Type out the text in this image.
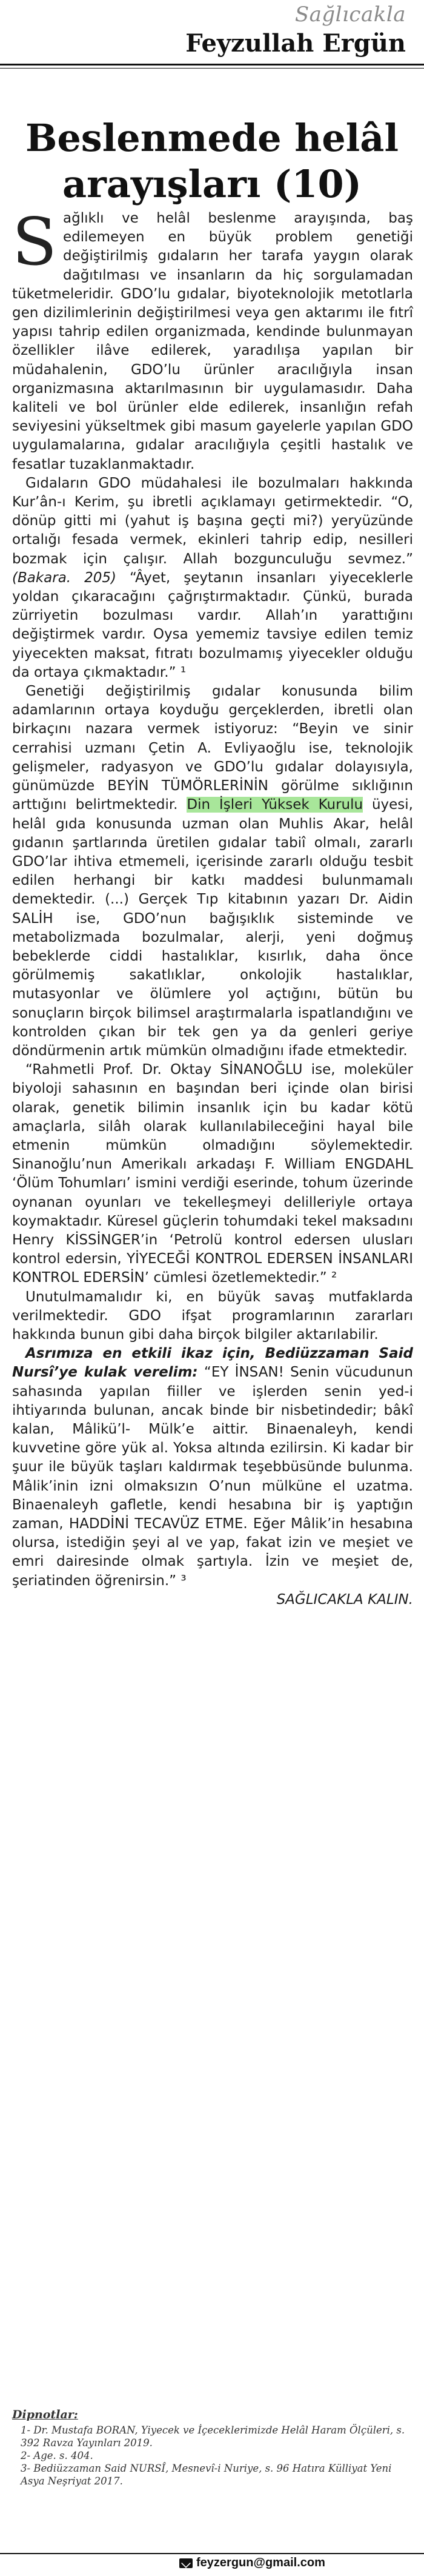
Sağlıcakla
Feyzullah Ergün
Beslenmede helâl
arayışları (10)

Sağlıklı ve helâl beslenme arayışında, baş edilemeyen en büyük problem genetiği değiştirilmiş gıdaların her tarafa yaygın olarak dağıtılması ve insanların da hiç sorgulamadan tüketmeleridir. GDO’lu gıdalar, biyoteknolojik metotlarla gen dizilimlerinin değiştirilmesi veya gen aktarımı ile fıtrî yapısı tahrip edilen organizmada, kendinde bulunmayan özellikler ilâve edilerek, yaradılışa yapılan bir müdahalenin, GDO’lu ürünler aracılığıyla insan organizmasına aktarılmasının bir uygulamasıdır. Daha kaliteli ve bol ürünler elde edilerek, insanlığın refah seviyesini yükseltmek gibi masum gayelerle yapılan GDO uygulamalarına, gıdalar aracılığıyla çeşitli hastalık ve fesatlar tuzaklanmaktadır.

Gıdaların GDO müdahalesi ile bozulmaları hakkında Kur’ân-ı Kerim, şu ibretli açıklamayı getirmektedir. “O, dönüp gitti mi (yahut iş başına geçti mi?) yeryüzünde ortalığı fesada vermek, ekinleri tahrip edip, nesilleri bozmak için çalışır. Allah bozgunculuğu sevmez.” (Bakara. 205) “Âyet, şeytanın insanları yiyeceklerle yoldan çıkaracağını çağrıştırmaktadır. Çünkü, burada zürriyetin bozulması vardır. Allah’ın yarattığını değiştirmek vardır. Oysa yememiz tavsiye edilen temiz yiyecekten maksat, fıtratı bozulmamış yiyecekler olduğu da ortaya çıkmaktadır.” ¹

Genetiği değiştirilmiş gıdalar konusunda bilim adamlarının ortaya koyduğu gerçeklerden, ibretli olan birkaçını nazara vermek istiyoruz: “Beyin ve sinir cerrahisi uzmanı Çetin A. Evliyaoğlu ise, teknolojik gelişmeler, radyasyon ve GDO’lu gıdalar dolayısıyla, günümüzde BEYİN TÜMÖRLERİNİN görülme sıklığının arttığını belirtmektedir. Din İşleri Yüksek Kurulu üyesi, helâl gıda konusunda uzman olan Muhlis Akar, helâl gıdanın şartlarında üretilen gıdalar tabiî olmalı, zararlı GDO’lar ihtiva etmemeli, içerisinde zararlı olduğu tesbit edilen herhangi bir katkı maddesi bulunmamalı demektedir. (...) Gerçek Tıp kitabının yazarı Dr. Aidin SALİH ise, GDO’nun bağışıklık sisteminde ve metabolizmada bozulmalar, alerji, yeni doğmuş bebeklerde ciddi hastalıklar, kısırlık, daha önce görülmemiş sakatlıklar, onkolojik hastalıklar, mutasyonlar ve ölümlere yol açtığını, bütün bu sonuçların birçok bilimsel araştırmalarla ispatlandığını ve kontrolden çıkan bir tek gen ya da genleri geriye döndürmenin artık mümkün olmadığını ifade etmektedir.

“Rahmetli Prof. Dr. Oktay SİNANOĞLU ise, moleküler biyoloji sahasının en başından beri içinde olan birisi olarak, genetik bilimin insanlık için bu kadar kötü amaçlarla, silâh olarak kullanılabileceğini hayal bile etmenin mümkün olmadığını söylemektedir. Sinanoğlu’nun Amerikalı arkadaşı F. William ENGDAHL ‘Ölüm Tohumları’ ismini verdiği eserinde, tohum üzerinde oynanan oyunları ve tekelleşmeyi delilleriyle ortaya koymaktadır. Küresel güçlerin tohumdaki tekel maksadını Henry KİSSİNGER’in ‘Petrolü kontrol edersen ulusları kontrol edersin, YİYECEĞİ KONTROL EDERSEN İNSANLARI KONTROL EDERSİN’ cümlesi özetlemektedir.” ²

Unutulmamalıdır ki, en büyük savaş mutfaklarda verilmektedir. GDO ifşat programlarının zararları hakkında bunun gibi daha birçok bilgiler aktarılabilir.

Asrımıza en etkili ikaz için, Bediüzzaman Said Nursî’ye kulak verelim: “EY İNSAN! Senin vücudunun sahasında yapılan fiiller ve işlerden senin yed-i ihtiyarında bulunan, ancak binde bir nisbetindedir; bâkî kalan, Mâlikü’l- Mülk’e aittir. Binaenaleyh, kendi kuvvetine göre yük al. Yoksa altında ezilirsin. Ki kadar bir şuur ile büyük taşları kaldırmak teşebbüsünde bulunma. Mâlik’inin izni olmaksızın O’nun mülküne el uzatma. Binaenaleyh gafletle, kendi hesabına bir iş yaptığın zaman, HADDİNİ TECAVÜZ ETME. Eğer Mâlik’in hesabına olursa, istediğin şeyi al ve yap, fakat izin ve meşiet ve emri dairesinde olmak şartıyla. İzin ve meşiet de, şeriatinden öğrenirsin.” ³

SAĞLICAKLA KALIN.

Dipnotlar:

1- Dr. Mustafa BORAN, Yiyecek ve İçeceklerimizde Helâl Haram Ölçüleri, s. 392 Ravza Yayınları 2019.

2- Age. s. 404.

3- Bediüzzaman Said NURSÎ, Mesnevî-i Nuriye, s. 96 Hatıra Külliyat Yeni Asya Neşriyat 2017.

feyzergun@gmail.com
